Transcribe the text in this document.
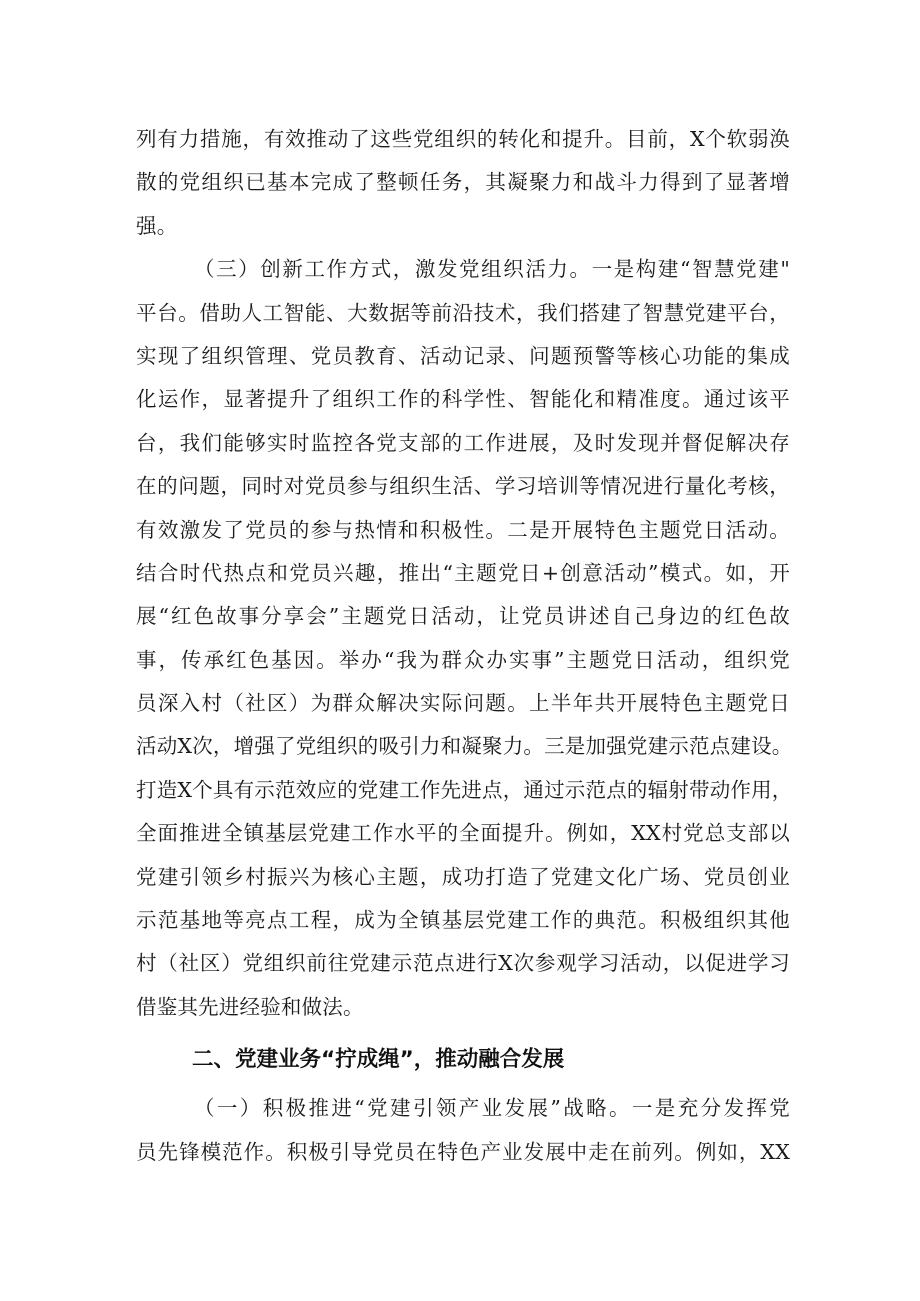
列有力措施，有效推动了这些党组织的转化和提升。目前，X个软弱涣
散的党组织已基本完成了整顿任务，其凝聚力和战斗力得到了显著增
强。
（三）创新工作方式，激发党组织活力。一是构建“智慧党建"
平台。借助人工智能、大数据等前沿技术，我们搭建了智慧党建平台，
实现了组织管理、党员教育、活动记录、问题预警等核心功能的集成
化运作，显著提升了组织工作的科学性、智能化和精准度。通过该平
台，我们能够实时监控各党支部的工作进展，及时发现并督促解决存
在的问题，同时对党员参与组织生活、学习培训等情况进行量化考核，
有效激发了党员的参与热情和积极性。二是开展特色主题党日活动。
结合时代热点和党员兴趣，推出“主题党日+创意活动”模式。如，开
展“红色故事分享会”主题党日活动，让党员讲述自己身边的红色故
事，传承红色基因。举办“我为群众办实事”主题党日活动，组织党
员深入村（社区）为群众解决实际问题。上半年共开展特色主题党日
活动X次，增强了党组织的吸引力和凝聚力。三是加强党建示范点建设。
打造X个具有示范效应的党建工作先进点，通过示范点的辐射带动作用，
全面推进全镇基层党建工作水平的全面提升。例如，XX村党总支部以
党建引领乡村振兴为核心主题，成功打造了党建文化广场、党员创业
示范基地等亮点工程，成为全镇基层党建工作的典范。积极组织其他
村（社区）党组织前往党建示范点进行X次参观学习活动，以促进学习
借鉴其先进经验和做法。
二、党建业务“拧成绳”，推动融合发展
（一）积极推进“党建引领产业发展”战略。一是充分发挥党
员先锋模范作。积极引导党员在特色产业发展中走在前列。例如，XX
